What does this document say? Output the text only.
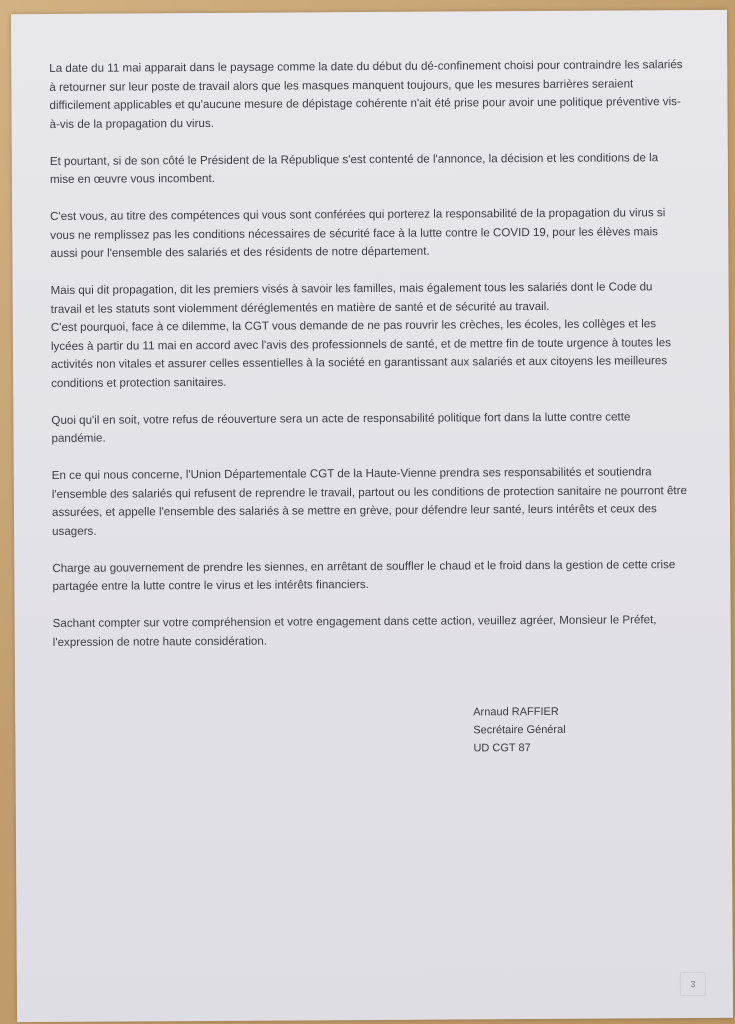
La date du 11 mai apparait dans le paysage comme la date du début du dé-confinement choisi pour contraindre les salariés à retourner sur leur poste de travail alors que les masques manquent toujours, que les mesures barrières seraient difficilement applicables et qu'aucune mesure de dépistage cohérente n'ait été prise pour avoir une politique préventive vis-à-vis de la propagation du virus.

Et pourtant, si de son côté le Président de la République s'est contenté de l'annonce, la décision et les conditions de la mise en œuvre vous incombent.

C'est vous, au titre des compétences qui vous sont conférées qui porterez la responsabilité de la propagation du virus si vous ne remplissez pas les conditions nécessaires de sécurité face à la lutte contre le COVID 19, pour les élèves mais aussi pour l'ensemble des salariés et des résidents de notre département.

Mais qui dit propagation, dit les premiers visés à savoir les familles, mais également tous les salariés dont le Code du travail et les statuts sont violemment déréglementés en matière de santé et de sécurité au travail.
C'est pourquoi, face à ce dilemme, la CGT vous demande de ne pas rouvrir les crèches, les écoles, les collèges et les lycées à partir du 11 mai en accord avec l'avis des professionnels de santé, et de mettre fin de toute urgence à toutes les activités non vitales et assurer celles essentielles à la société en garantissant aux salariés et aux citoyens les meilleures conditions et protection sanitaires.

Quoi qu'il en soit, votre refus de réouverture sera un acte de responsabilité politique fort dans la lutte contre cette pandémie.

En ce qui nous concerne, l'Union Départementale CGT de la Haute-Vienne prendra ses responsabilités et soutiendra l'ensemble des salariés qui refusent de reprendre le travail, partout ou les conditions de protection sanitaire ne pourront être assurées, et appelle l'ensemble des salariés à se mettre en grève, pour défendre leur santé, leurs intérêts et ceux des usagers.

Charge au gouvernement de prendre les siennes, en arrêtant de souffler le chaud et le froid dans la gestion de cette crise partagée entre la lutte contre le virus et les intérêts financiers.

Sachant compter sur votre compréhension et votre engagement dans cette action, veuillez agréer, Monsieur le Préfet, l'expression de notre haute considération.

Arnaud RAFFIER
Secrétaire Général
UD CGT 87
3
